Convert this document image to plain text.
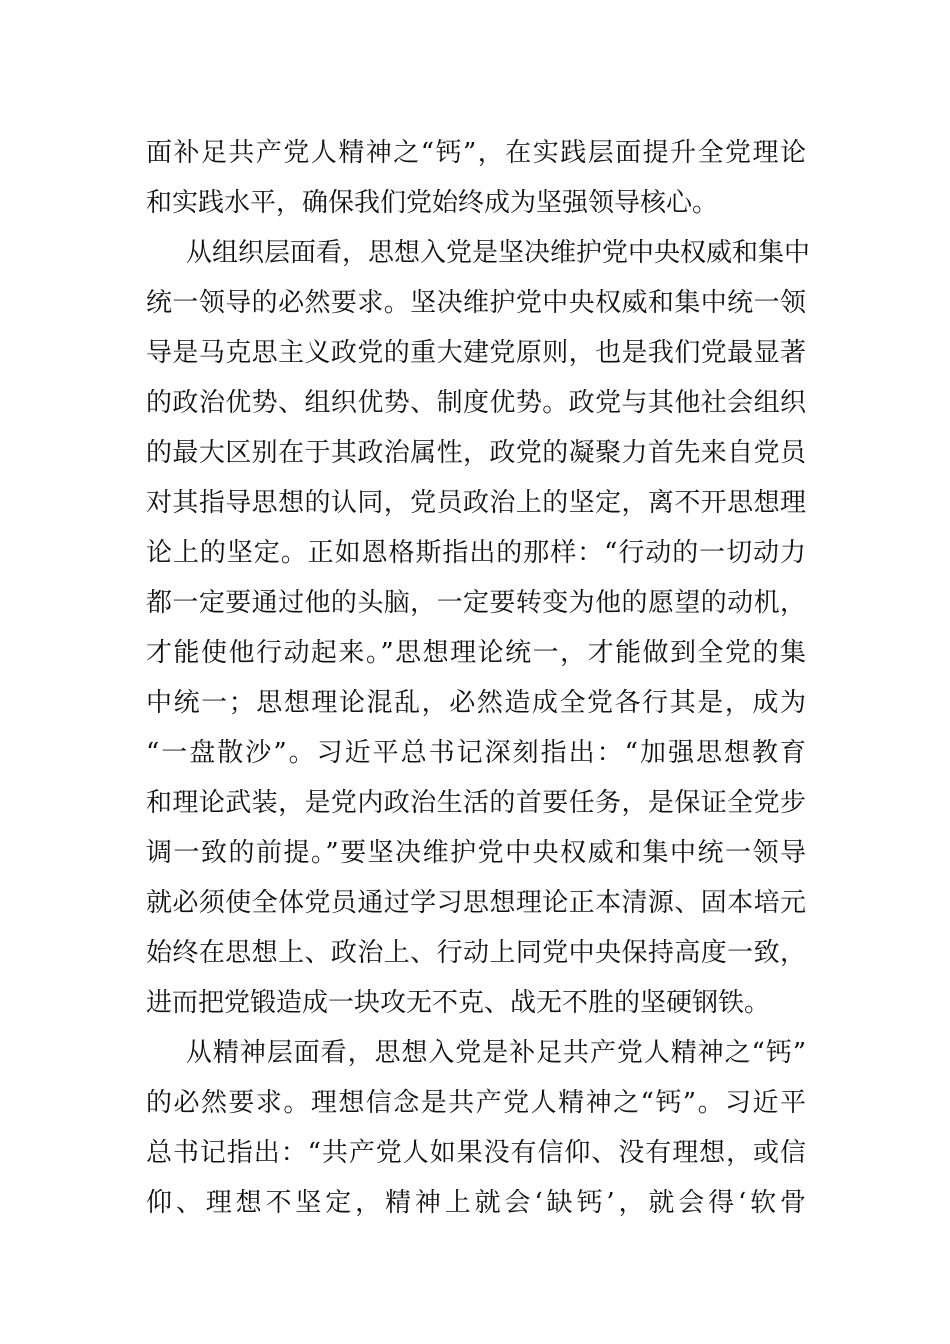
面补足共产党人精神之“钙”，在实践层面提升全党理论
和实践水平，确保我们党始终成为坚强领导核心。
从组织层面看，思想入党是坚决维护党中央权威和集中
统一领导的必然要求。坚决维护党中央权威和集中统一领
导是马克思主义政党的重大建党原则，也是我们党最显著
的政治优势、组织优势、制度优势。政党与其他社会组织
的最大区别在于其政治属性，政党的凝聚力首先来自党员
对其指导思想的认同，党员政治上的坚定，离不开思想理
论上的坚定。正如恩格斯指出的那样：“行动的一切动力
都一定要通过他的头脑，一定要转变为他的愿望的动机，
才能使他行动起来。”思想理论统一，才能做到全党的集
中统一；思想理论混乱，必然造成全党各行其是，成为
“一盘散沙”。习近平总书记深刻指出：“加强思想教育
和理论武装，是党内政治生活的首要任务，是保证全党步
调一致的前提。”要坚决维护党中央权威和集中统一领导
就必须使全体党员通过学习思想理论正本清源、固本培元
始终在思想上、政治上、行动上同党中央保持高度一致，
进而把党锻造成一块攻无不克、战无不胜的坚硬钢铁。
从精神层面看，思想入党是补足共产党人精神之“钙”
的必然要求。理想信念是共产党人精神之“钙”。习近平
总书记指出：“共产党人如果没有信仰、没有理想，或信
仰、理想不坚定，精神上就会‘缺钙’，就会得‘软骨
